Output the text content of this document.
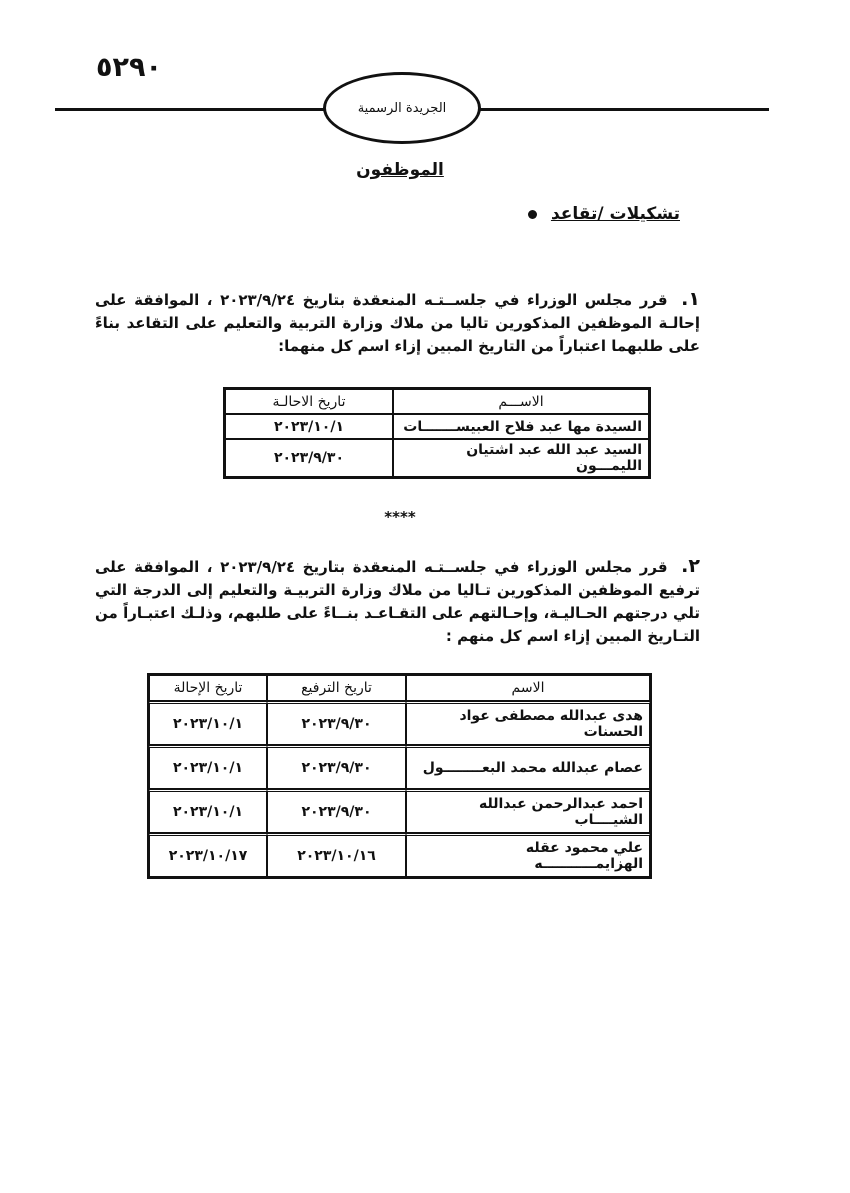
٥٢٩٠
الجريدة الرسمية
الموظفون
تشكيلات /تقاعد
١. قرر مجلس الوزراء في جلســتـه المنعقدة بتاريخ ٢٠٢٣/٩/٢٤ ، الموافقة على إحالـة الموظفين المذكورين تاليا من ملاك وزارة التربية والتعليم على التقاعد بناءً على طلبهما اعتباراً من التاريخ المبين إزاء اسم كل منهما:
الاســـم	تاريخ الاحالـة
السيدة مها عبد فلاح العبيســـــــات	٢٠٢٣/١٠/١
السيد عبد الله عبد اشتيان الليمـــون	٢٠٢٣/٩/٣٠
****
٢. قرر مجلس الوزراء في جلســتـه المنعقدة بتاريخ ٢٠٢٣/٩/٢٤ ، الموافقة على ترفيع الموظفين المذكورين تـاليا من ملاك وزارة التربيـة والتعليم إلى الدرجة التي تلي درجتهم الحـاليـة، وإحـالتهم على التقـاعـد بنــاءً على طلبهم، وذلـك اعتبـاراً من التـاريخ المبين إزاء اسم كل منهم :
الاسم	تاريخ الترفيع	تاريخ الإحالة
هدى عبدالله مصطفى عواد الحسنات	٢٠٢٣/٩/٣٠	٢٠٢٣/١٠/١
عصام عبدالله محمد البعــــــــول	٢٠٢٣/٩/٣٠	٢٠٢٣/١٠/١
احمد عبدالرحمن عبدالله الشيــــاب	٢٠٢٣/٩/٣٠	٢٠٢٣/١٠/١
علي محمود عقله الهزايمـــــــــــه	٢٠٢٣/١٠/١٦	٢٠٢٣/١٠/١٧
